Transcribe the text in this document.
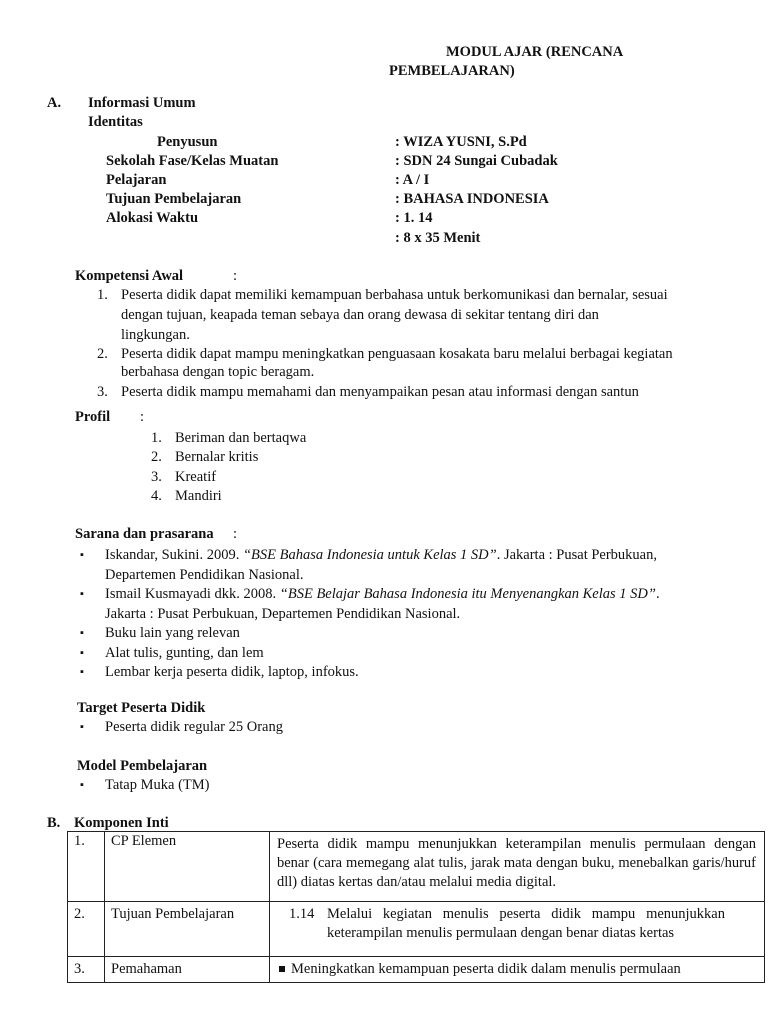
MODUL AJAR (RENCANA
PEMBELAJARAN)
A. Informasi Umum
Identitas
Penyusun	: WIZA YUSNI, S.Pd
Sekolah Fase/Kelas Muatan	: SDN 24 Sungai Cubadak
Pelajaran	: A / I
Tujuan Pembelajaran	: BAHASA INDONESIA
Alokasi Waktu	: 1. 14
: 8 x 35 Menit
Kompetensi Awal	:
1. Peserta didik dapat memiliki kemampuan berbahasa untuk berkomunikasi dan bernalar, sesuai
dengan tujuan, keapada teman sebaya dan orang dewasa di sekitar tentang diri dan
lingkungan.
2. Peserta didik dapat mampu meningkatkan penguasaan kosakata baru melalui berbagai kegiatan
berbahasa dengan topic beragam.
3. Peserta didik mampu memahami dan menyampaikan pesan atau informasi dengan santun
Profil :
1. Beriman dan bertaqwa
2. Bernalar kritis
3. Kreatif
4. Mandiri
Sarana dan prasarana :
▪ Iskandar, Sukini. 2009. “BSE Bahasa Indonesia untuk Kelas 1 SD”. Jakarta : Pusat Perbukuan,
Departemen Pendidikan Nasional.
▪ Ismail Kusmayadi dkk. 2008. “BSE Belajar Bahasa Indonesia itu Menyenangkan Kelas 1 SD”.
Jakarta : Pusat Perbukuan, Departemen Pendidikan Nasional.
▪ Buku lain yang relevan
▪ Alat tulis, gunting, dan lem
▪ Lembar kerja peserta didik, laptop, infokus.
Target Peserta Didik
▪ Peserta didik regular 25 Orang
Model Pembelajaran
▪ Tatap Muka (TM)
B. Komponen Inti
1.	CP Elemen	Peserta didik mampu menunjukkan keterampilan menulis permulaan dengan benar (cara memegang alat tulis, jarak mata dengan buku, menebalkan garis/huruf dll) diatas kertas dan/atau melalui media digital.
2.	Tujuan Pembelajaran	1.14 Melalui kegiatan menulis peserta didik mampu menunjukkan keterampilan menulis permulaan dengan benar diatas kertas
3.	Pemahaman	Meningkatkan kemampuan peserta didik dalam menulis permulaan
